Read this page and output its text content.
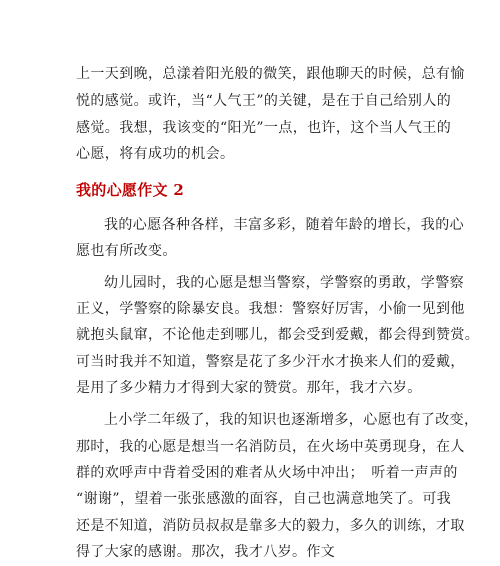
上一天到晚，总漾着阳光般的微笑，跟他聊天的时候，总有愉
悦的感觉。或许，当“人气王”的关键，是在于自己给别人的
感觉。我想，我该变的“阳光”一点，也许，这个当人气王的
心愿，将有成功的机会。
我的心愿作文 2
我的心愿各种各样，丰富多彩，随着年龄的增长，我的心
愿也有所改变。
幼儿园时，我的心愿是想当警察，学警察的勇敢，学警察
正义，学警察的除暴安良。我想：警察好厉害，小偷一见到他
就抱头鼠窜，不论他走到哪儿，都会受到爱戴，都会得到赞赏。
可当时我并不知道，警察是花了多少汗水才换来人们的爱戴，
是用了多少精力才得到大家的赞赏。那年，我才六岁。
上小学二年级了，我的知识也逐渐增多，心愿也有了改变，
那时，我的心愿是想当一名消防员，在火场中英勇现身，在人
群的欢呼声中背着受困的难者从火场中冲出；　听着一声声的
“谢谢”，望着一张张感激的面容，自己也满意地笑了。可我
还是不知道，消防员叔叔是靠多大的毅力，多久的训练，才取
得了大家的感谢。那次，我才八岁。作文
